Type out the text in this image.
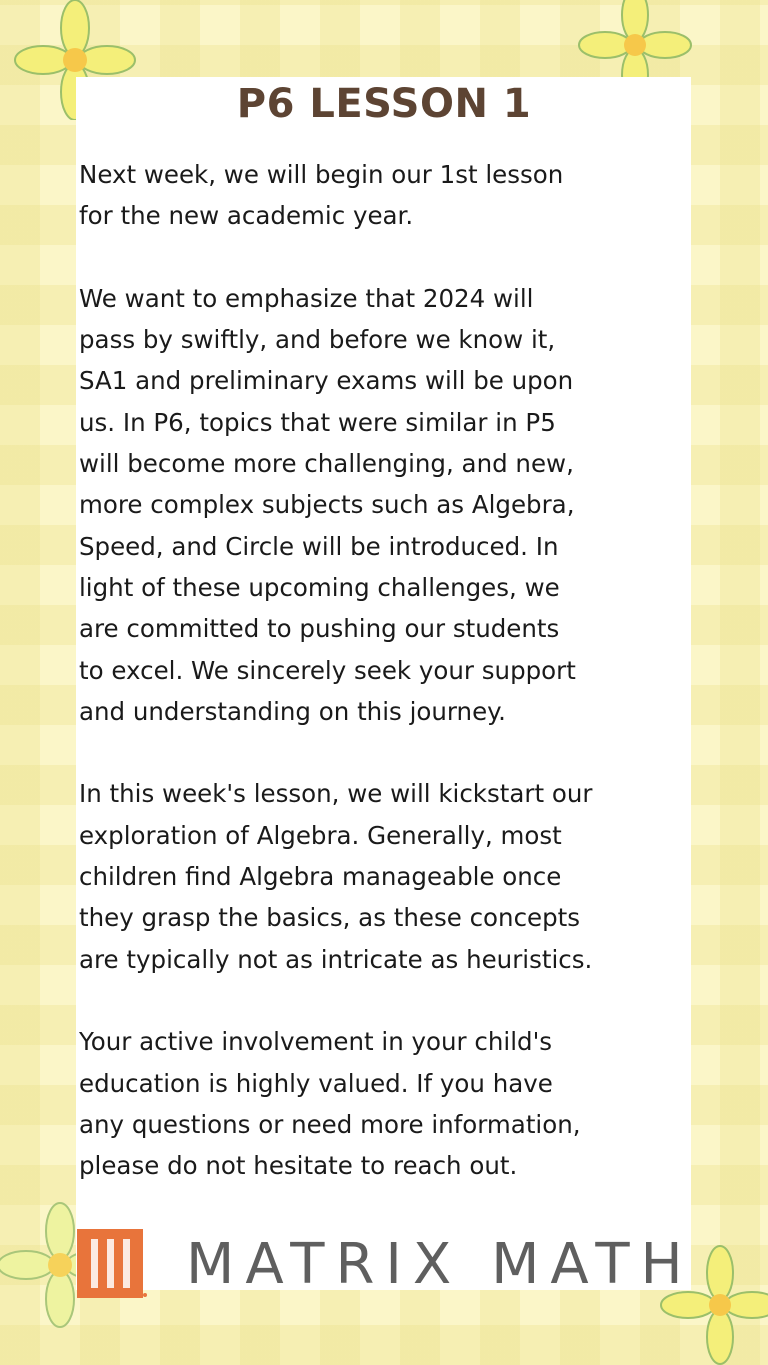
P6 LESSON 1

Next week, we will begin our 1st lesson
for the new academic year.

We want to emphasize that 2024 will
pass by swiftly, and before we know it,
SA1 and preliminary exams will be upon
us. In P6, topics that were similar in P5
will become more challenging, and new,
more complex subjects such as Algebra,
Speed, and Circle will be introduced. In
light of these upcoming challenges, we
are committed to pushing our students
to excel. We sincerely seek your support
and understanding on this journey.

In this week's lesson, we will kickstart our
exploration of Algebra. Generally, most
children find Algebra manageable once
they grasp the basics, as these concepts
are typically not as intricate as heuristics.

Your active involvement in your child's
education is highly valued. If you have
any questions or need more information,
please do not hesitate to reach out.

MATRIX MATH
